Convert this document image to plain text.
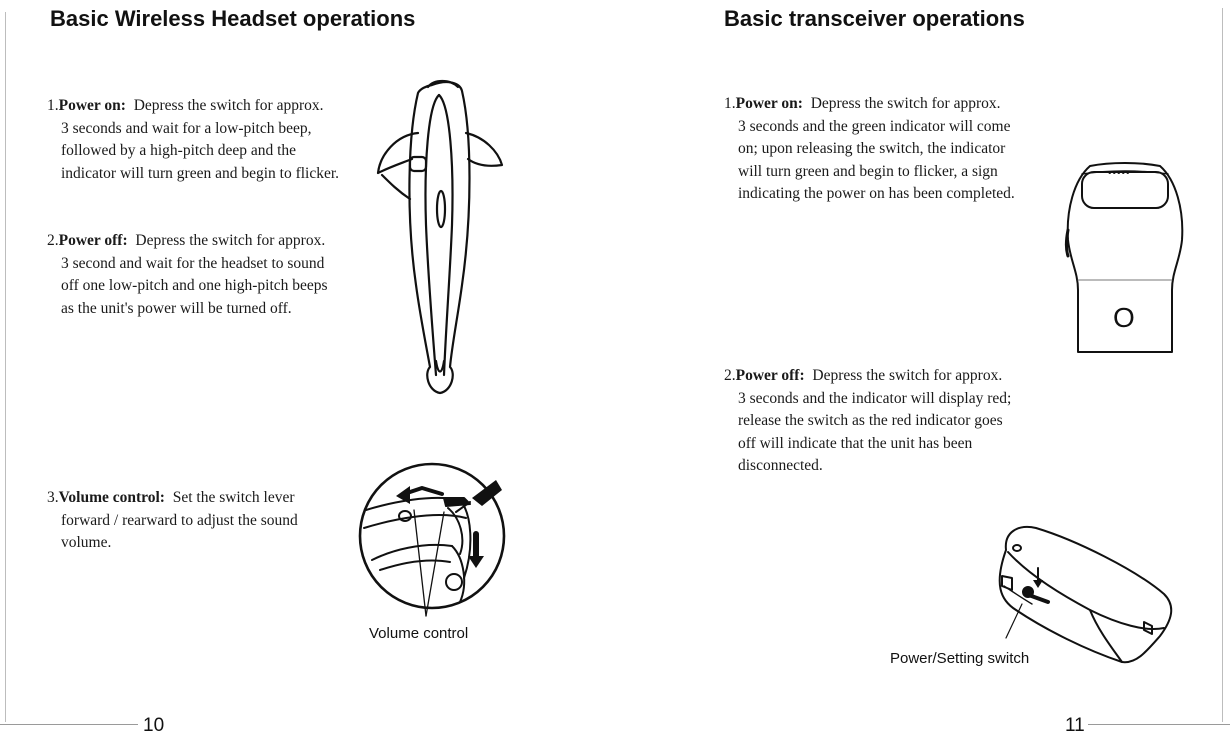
Basic Wireless Headset operations
1.Power on: Depress the switch for approx.
3 seconds and wait for a low-pitch beep,
followed by a high-pitch deep and the
indicator will turn green and begin to flicker.
2.Power off: Depress the switch for approx.
3 second and wait for the headset to sound
off one low-pitch and one high-pitch beeps
as the unit's power will be turned off.
3.Volume control: Set the switch lever
forward / rearward to adjust the sound
volume.
Volume control
10
Basic transceiver operations
1.Power on: Depress the switch for approx.
3 seconds and the green indicator will come
on; upon releasing the switch, the indicator
will turn green and begin to flicker, a sign
indicating the power on has been completed.
2.Power off: Depress the switch for approx.
3 seconds and the indicator will display red;
release the switch as the red indicator goes
off will indicate that the unit has been
disconnected.
•••••
O
Power/Setting switch
11
